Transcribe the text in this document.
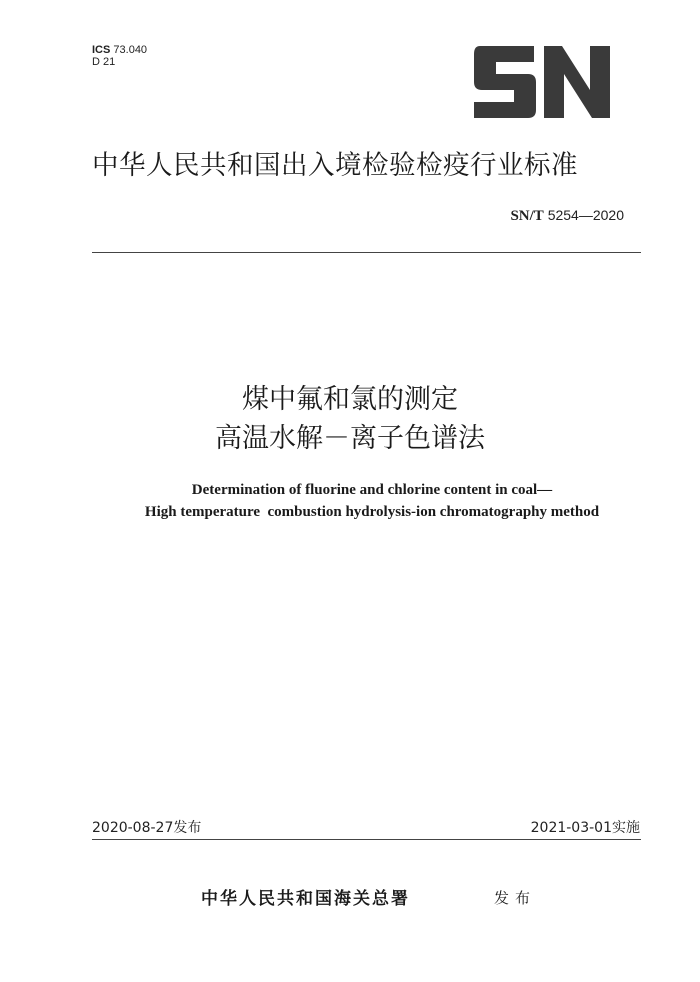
ICS 73.040
D 21
中华人民共和国出入境检验检疫行业标准
SN/T 5254—2020
煤中氟和氯的测定
高温水解－离子色谱法
Determination of fluorine and chlorine content in coal—
High temperature  combustion hydrolysis-ion chromatography method
2020-08-27发布	2021-03-01实施
中华人民共和国海关总署	发布
